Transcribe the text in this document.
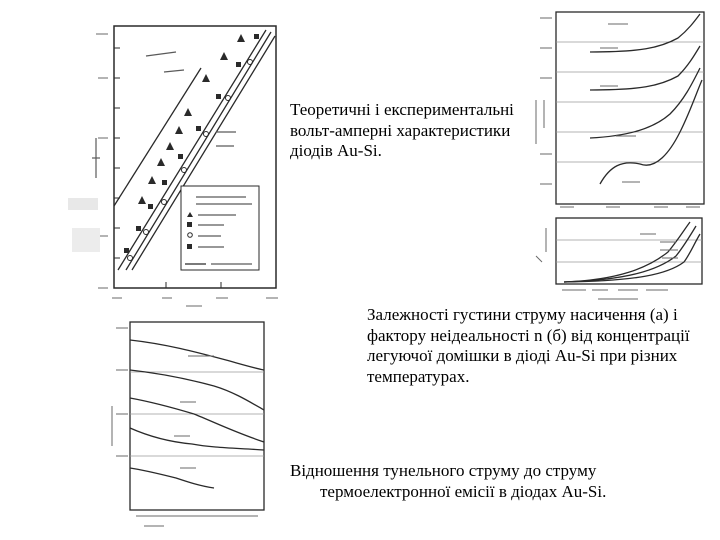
Теоретичні і експериментальні вольт-амперні характеристики діодів Au-Si.
Залежності густини струму насичення (а) і фактору неідеальності n (б) від концентрації легуючої домішки в діоді Au-Si при різних температурах.
Відношення тунельного струму до струму
термоелектронної емісії в діодах Au-Si.
